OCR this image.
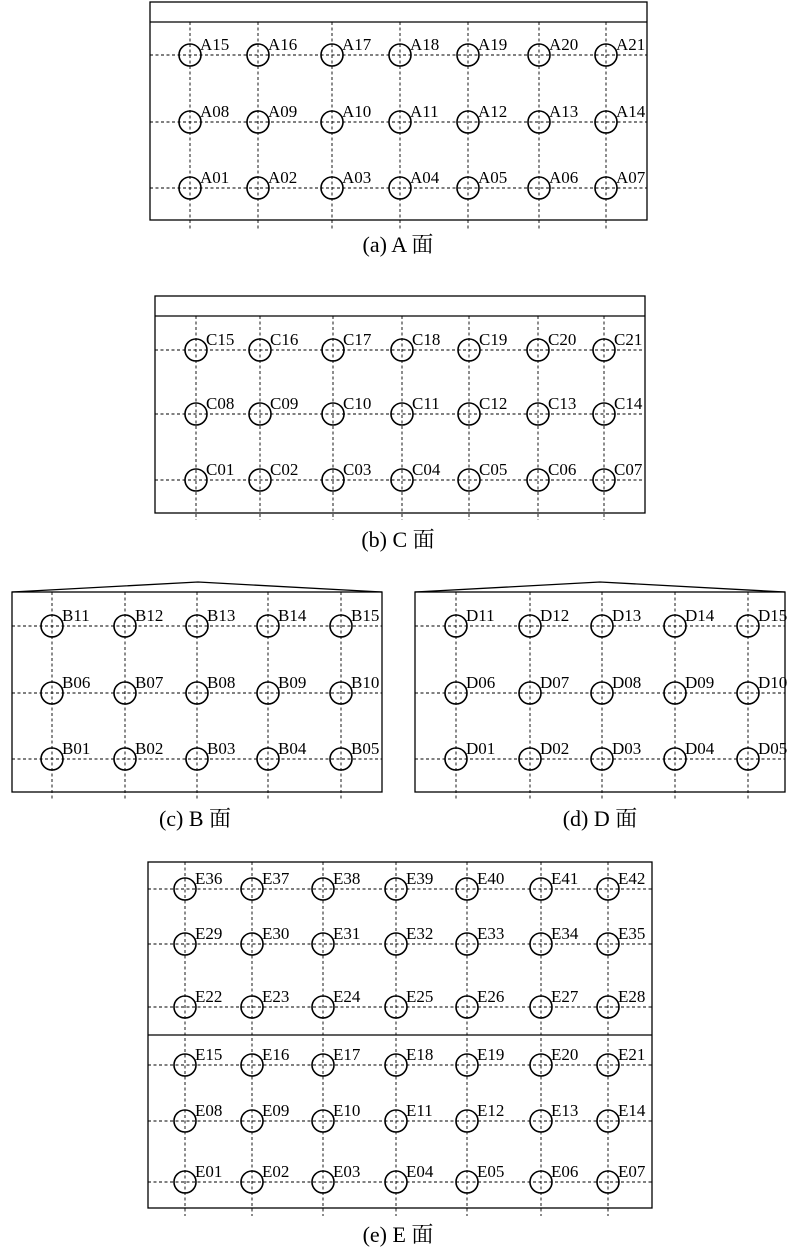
A15 A16	A17 A18 A19 A20 A21
A08 A09	A10 A11 A12 A13 A14
A01 A02	A03 A04 A05 A06 A07
(a) A 面
C15 C16	C17 C18 C19 C20 C21
C08 C09	C10 C11 C12 C13 C14
C01 C02	C03 C04 C05 C06 C07
(b) C 面
B11	B12	B13	B14	B15
B06	B07	B08	B09	B10
B01	B02	B03	B04	B05
(c) B 面
D11	D12	D13	D14	D15
D06	D07	D08	D09	D10
D01	D02	D03	D04	D05
(d) D 面
E36 E37	E38	E39	E40	E41 E42
E29 E30	E31	E32	E33	E34 E35
E22 E23	E24	E25	E26	E27 E28
E15 E16	E17	E18	E19	E20 E21
E08 E09	E10	E11	E12	E13 E14
E01 E02	E03	E04	E05	E06 E07
(e) E 面
